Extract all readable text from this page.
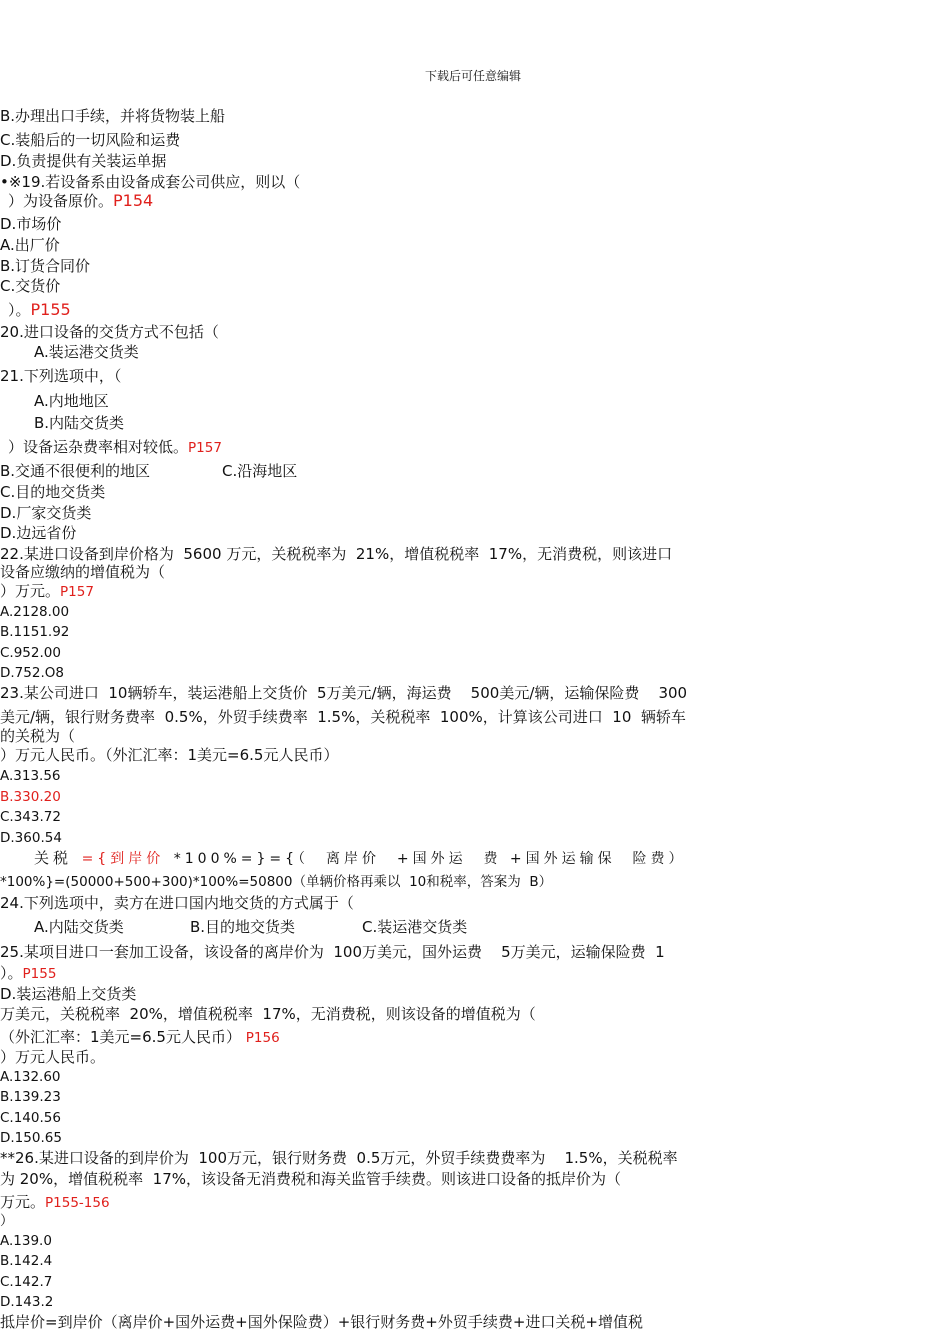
下载后可任意编辑
B.办理出口手续，并将货物装上船
C.装船后的一切风险和运费
D.负责提供有关装运单据
•※19.若设备系由设备成套公司供应，则以（
）为设备原价。P154
D.市场价
A.出厂价
B.订货合同价
C.交货价
）。P155
20.进口设备的交货方式不包括（
A.装运港交货类
21.下列选项中，（
A.内地地区
B.内陆交货类
）设备运杂费率相对较低。P157
B.交通不很便利的地区	C.沿海地区
C.目的地交货类
D.厂家交货类
D.边远省份
22.某进口设备到岸价格为  5600 万元，关税税率为  21%，增值税税率  17%，无消费税，则该进口
设备应缴纳的增值税为（
）万元。P157
A.2128.00
B.1151.92
C.952.00
D.752.O8
23.某公司进口  10辆轿车，装运港船上交货价  5万美元/辆，海运费    500美元/辆，运输保险费    300
美元/辆，银行财务费率  0.5%，外贸手续费率  1.5%，关税税率  100%，计算该公司进口  10  辆轿车
的关税为（
）万元人民币。（外汇汇率：1美元=6.5元人民币）
A.313.56
B.330.20
C.343.72
D.360.54
关税 ={到岸价 *100%=}={（  离岸价  +国外运  费 +国外运输保  险费）
*100%}=(50000+500+300)*100%=50800（单辆价格再乘以  10和税率，答案为  B）
24.下列选项中，卖方在进口国内地交货的方式属于（
A.内陆交货类	B.目的地交货类	C.装运港交货类
25.某项目进口一套加工设备，该设备的离岸价为  100万美元，国外运费    5万美元，运输保险费  1
）。P155
D.装运港船上交货类
万美元，关税税率  20%，增值税税率  17%，无消费税，则该设备的增值税为（
（外汇汇率：1美元=6.5元人民币） P156
）万元人民币。
A.132.60
B.139.23
C.140.56
D.150.65
**26.某进口设备的到岸价为  100万元，银行财务费  0.5万元，外贸手续费费率为    1.5%，关税税率
为 20%，增值税税率  17%，该设备无消费税和海关监管手续费。则该进口设备的抵岸价为（
万元。P155-156
）
A.139.0
B.142.4
C.142.7
D.143.2
抵岸价=到岸价（离岸价+国外运费+国外保险费）+银行财务费+外贸手续费+进口关税+增值税
